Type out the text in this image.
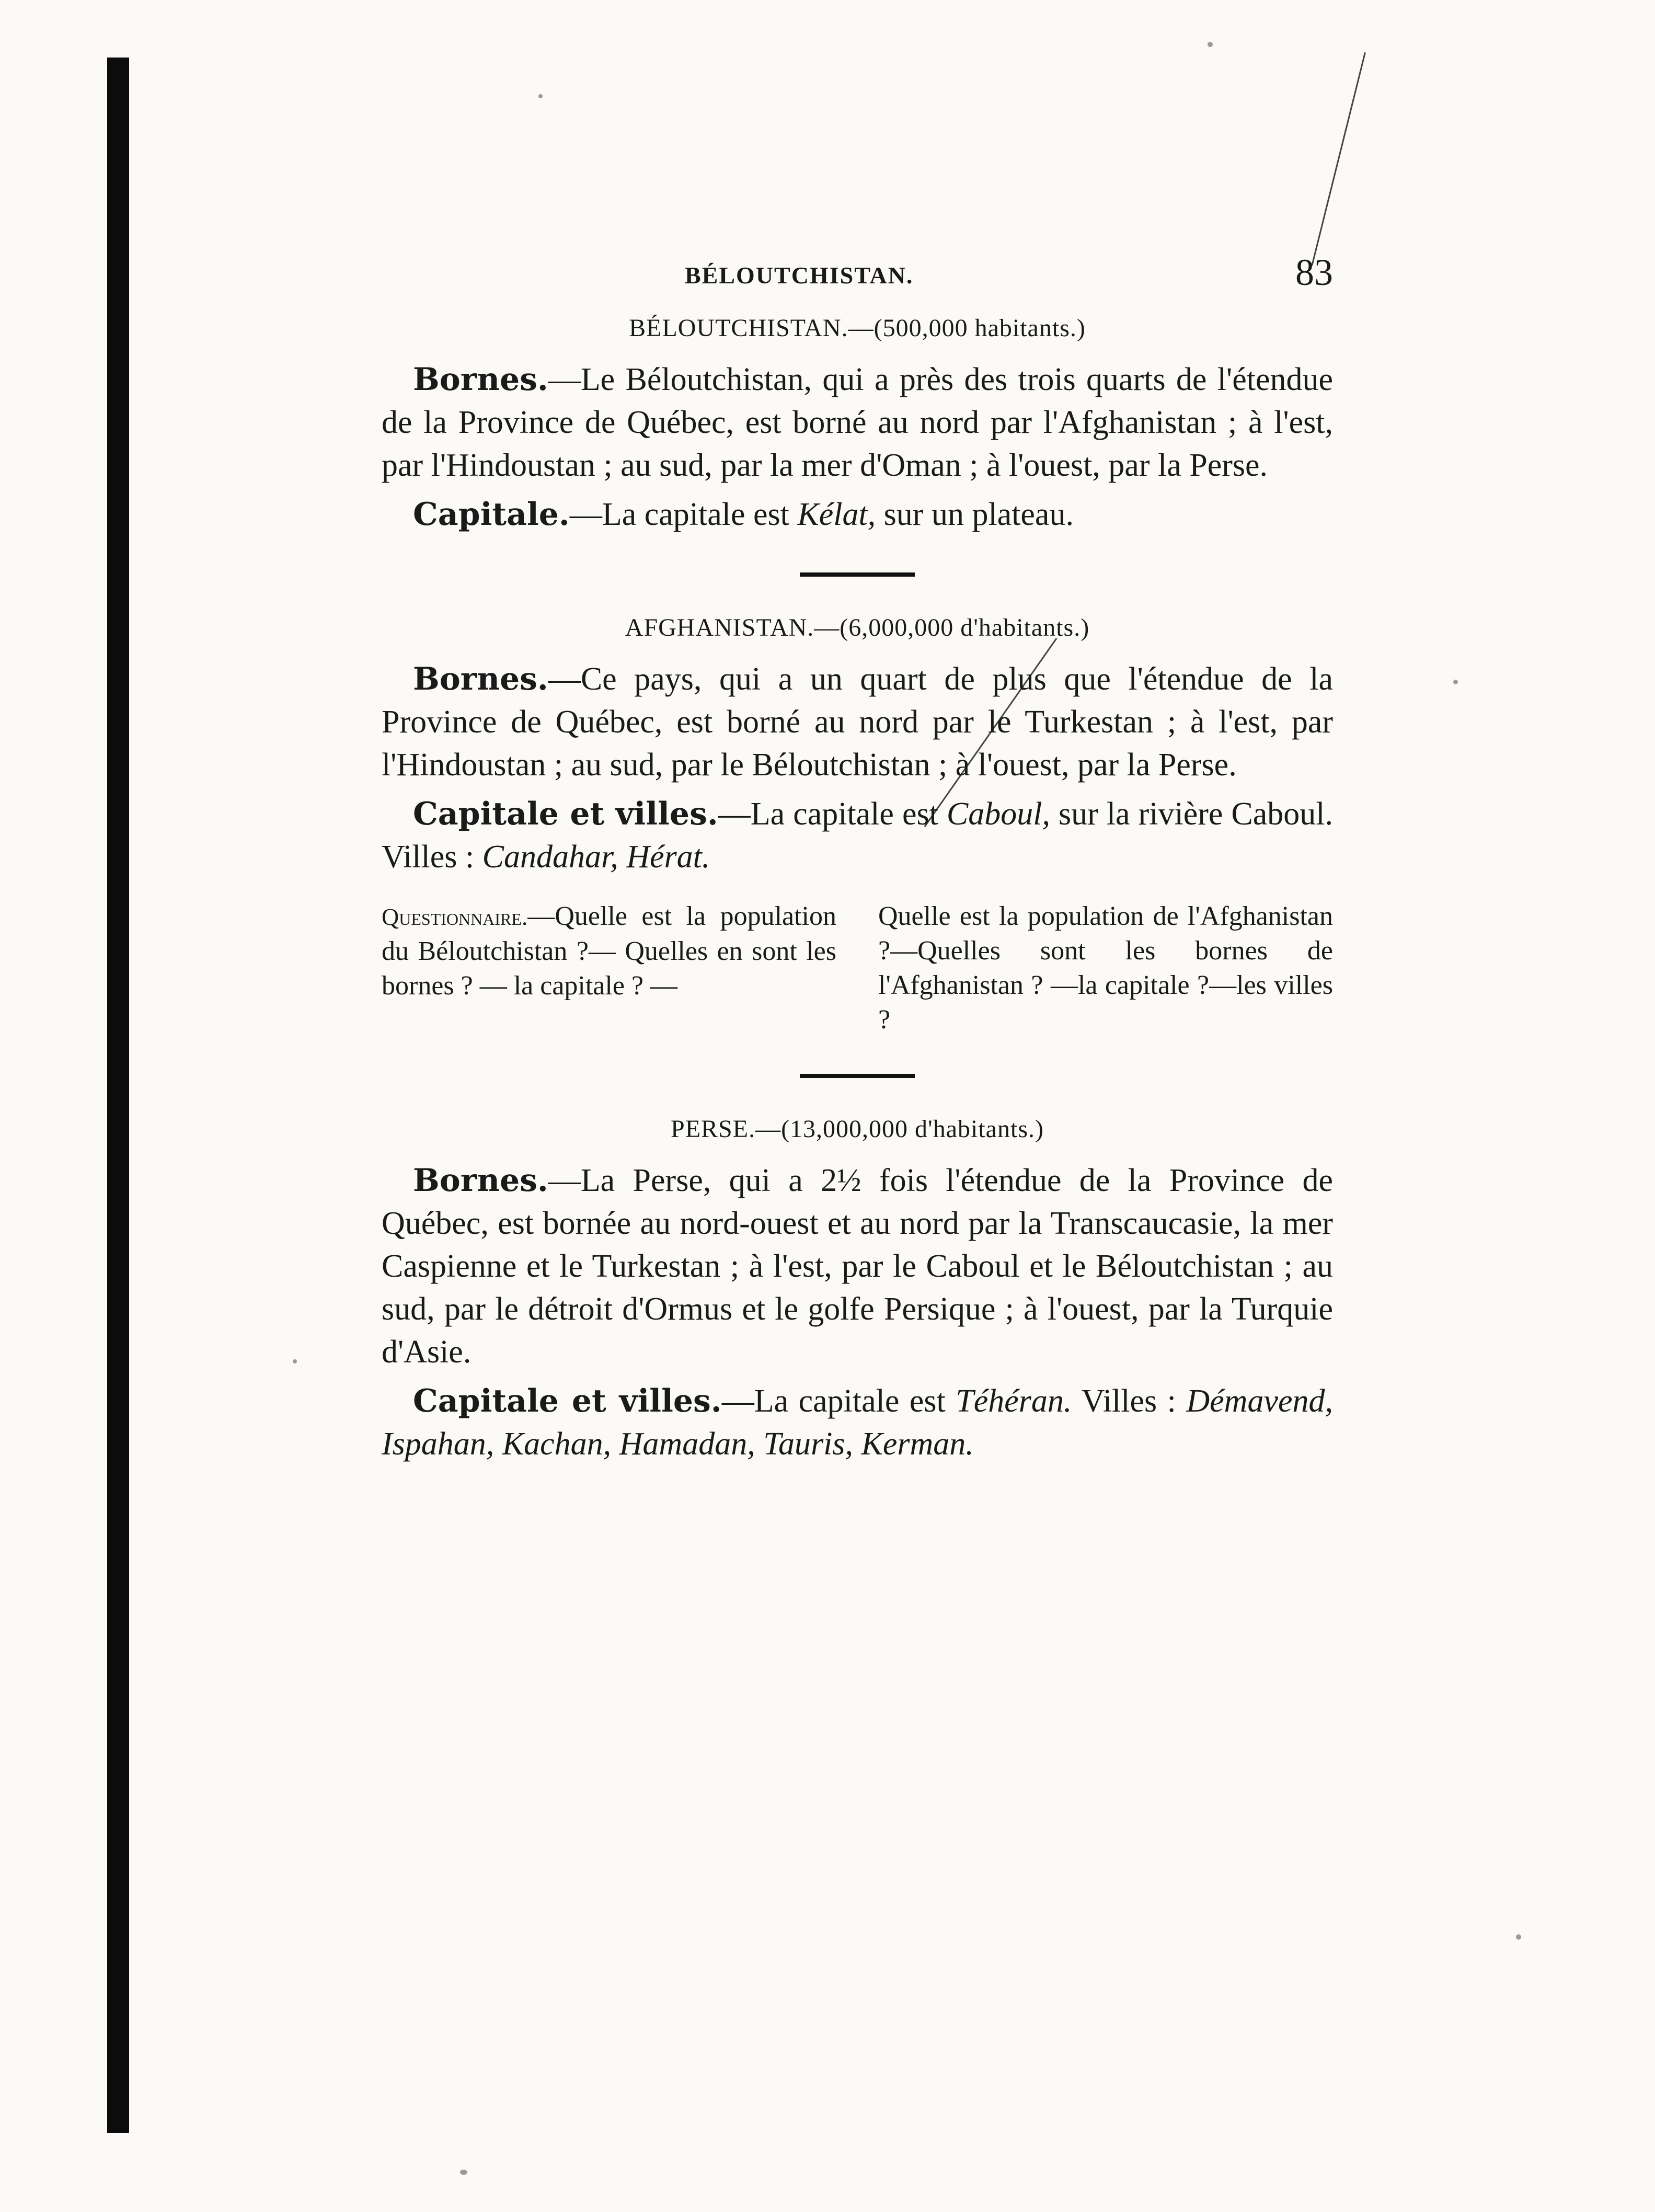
BÉLOUTCHISTAN.	83
BÉLOUTCHISTAN.—(500,000 habitants.)

Bornes.—Le Béloutchistan, qui a près des trois quarts de l'étendue de la Province de Québec, est borné au nord par l'Afghanistan ; à l'est, par l'Hindoustan ; au sud, par la mer d'Oman ; à l'ouest, par la Perse.

Capitale.—La capitale est Kélat, sur un plateau.

AFGHANISTAN.—(6,000,000 d'habitants.)

Bornes.—Ce pays, qui a un quart de plus que l'étendue de la Province de Québec, est borné au nord par le Turkestan ; à l'est, par l'Hindoustan ; au sud, par le Béloutchistan ; à l'ouest, par la Perse.

Capitale et villes.—La capitale est Caboul, sur la rivière Caboul. Villes : Candahar, Hérat.

Questionnaire.—Quelle est la population du Béloutchistan ?— Quelles en sont les bornes ? — la capitale ? —
Quelle est la population de l'Afghanistan ?—Quelles sont les bornes de l'Afghanistan ? —la capitale ?—les villes ?
PERSE.—(13,000,000 d'habitants.)

Bornes.—La Perse, qui a 2½ fois l'étendue de la Province de Québec, est bornée au nord-ouest et au nord par la Transcaucasie, la mer Caspienne et le Turkestan ; à l'est, par le Caboul et le Béloutchistan ; au sud, par le détroit d'Ormus et le golfe Persique ; à l'ouest, par la Turquie d'Asie.

Capitale et villes.—La capitale est Téhéran. Villes : Démavend, Ispahan, Kachan, Hamadan, Tauris, Kerman.
